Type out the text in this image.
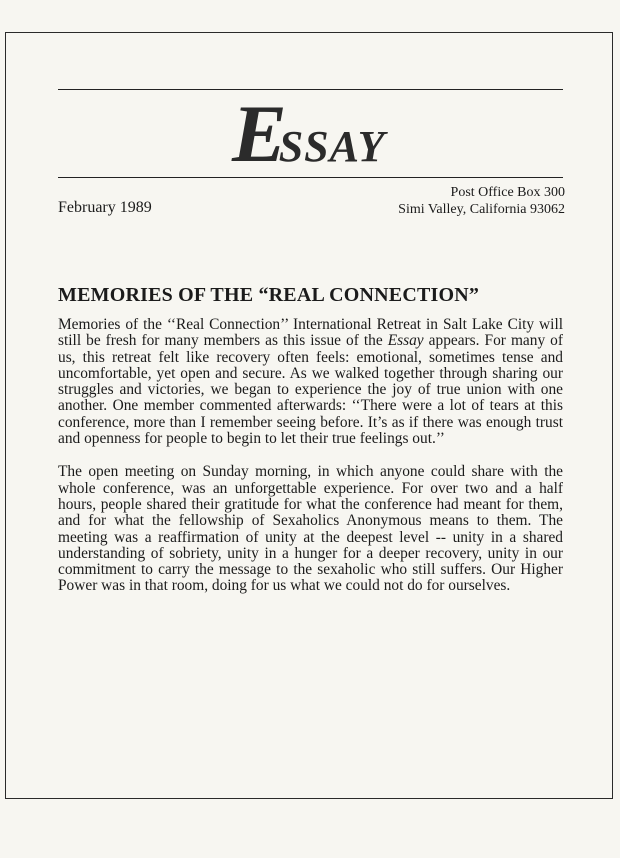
ESSAY
February 1989
Post Office Box 300
Simi Valley, California 93062
MEMORIES OF THE “REAL CONNECTION”

Memories of the ‘‘Real Connection’’ International Retreat in Salt Lake City will still be fresh for many members as this issue of the Essay appears. For many of us, this retreat felt like recovery often feels: emotional, sometimes tense and uncomfortable, yet open and secure. As we walked together through sharing our struggles and victories, we began to experience the joy of true union with one another. One member commented afterwards: ‘‘There were a lot of tears at this conference, more than I remember seeing before. It’s as if there was enough trust and openness for people to begin to let their true feelings out.’’

The open meeting on Sunday morning, in which anyone could share with the whole conference, was an unforgettable experience. For over two and a half hours, people shared their gratitude for what the conference had meant for them, and for what the fellowship of Sexaholics Anonymous means to them. The meeting was a reaffirmation of unity at the deepest level -- unity in a shared understanding of sobriety, unity in a hunger for a deeper recovery, unity in our commitment to carry the message to the sexaholic who still suffers. Our Higher Power was in that room, doing for us what we could not do for ourselves.
